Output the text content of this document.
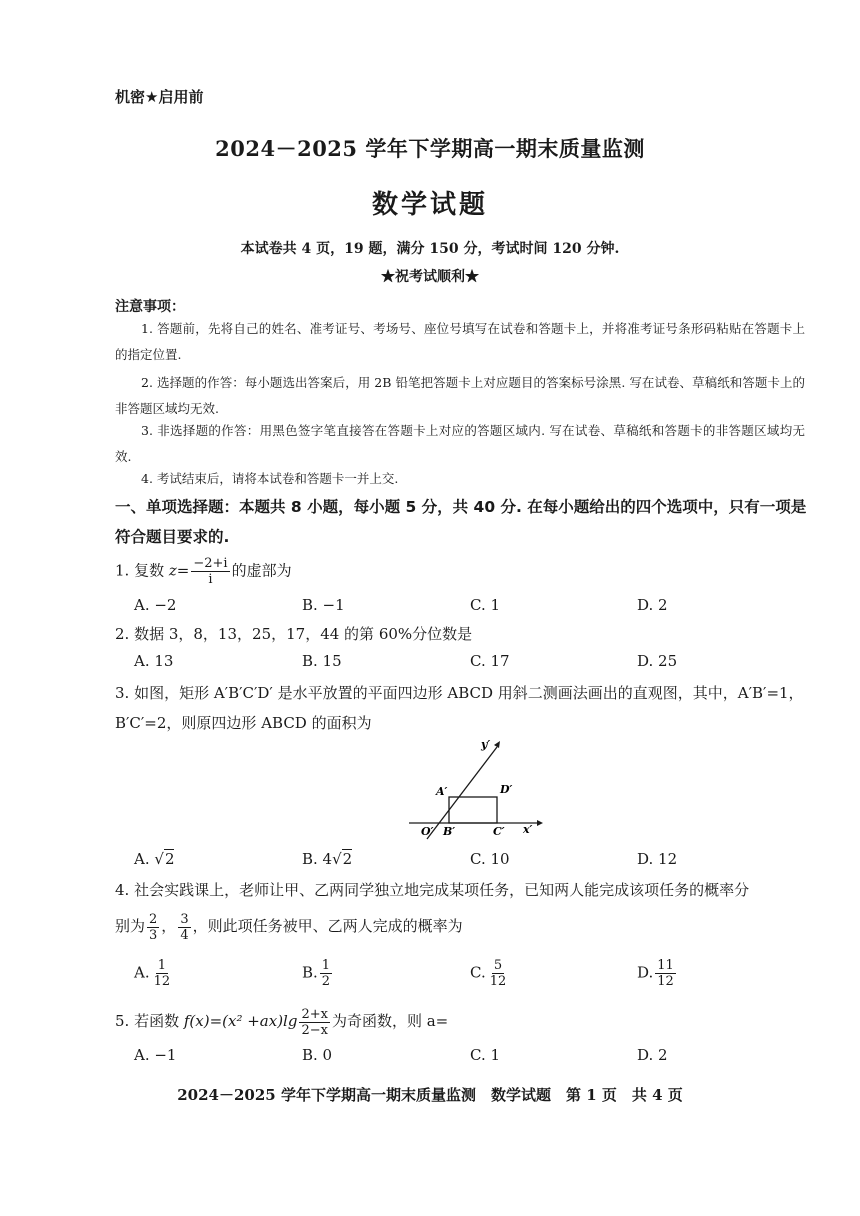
机密★启用前
2024－2025 学年下学期高一期末质量监测
数学试题
本试卷共 4 页，19 题，满分 150 分，考试时间 120 分钟.
★祝考试顺利★
注意事项：
1. 答题前，先将自己的姓名、准考证号、考场号、座位号填写在试卷和答题卡上，并将准考证号条形码粘贴在答题卡上的指定位置.
2. 选择题的作答：每小题选出答案后，用 2B 铅笔把答题卡上对应题目的答案标号涂黑. 写在试卷、草稿纸和答题卡上的非答题区域均无效.
3. 非选择题的作答：用黑色签字笔直接答在答题卡上对应的答题区域内. 写在试卷、草稿纸和答题卡的非答题区域均无效.
4. 考试结束后，请将本试卷和答题卡一并上交.
一、单项选择题：本题共 8 小题，每小题 5 分，共 40 分. 在每小题给出的四个选项中，只有一项是符合题目要求的.
1. 复数 $z= \frac{-2+i}{i}$ 的虚部为
A. −2	B. −1	C. 1	D. 2
2. 数据 3，8，13，25，17，44 的第 60%分位数是
A. 13	B. 15	C. 17	D. 25
3. 如图，矩形 A′B′C′D′ 是水平放置的平面四边形 ABCD 用斜二测画法画出的直观图，其中，A′B′=1，B′C′=2，则原四边形 ABCD 的面积为
y′
A′	D′
O′ B′	C′ x′
A. √2	B. 4√2	C. 10	D. 12
4. 社会实践课上，老师让甲、乙两同学独立地完成某项任务，已知两人能完成该项任务的概率分
别为 $\frac{2}{3}$ ， $\frac{3}{4}$ ，则此项任务被甲、乙两人完成的概率为
A. $\frac{1}{12}$	B. $\frac{1}{2}$	C. $\frac{5}{12}$	D. $\frac{11}{12}$
5. 若函数 $f(x)=(x^2 +ax)\lg \frac{2+x}{2-x}$ 为奇函数，则 a=
A. −1	B. 0	C. 1	D. 2
2024－2025 学年下学期高一期末质量监测　数学试题　第 1 页　共 4 页
